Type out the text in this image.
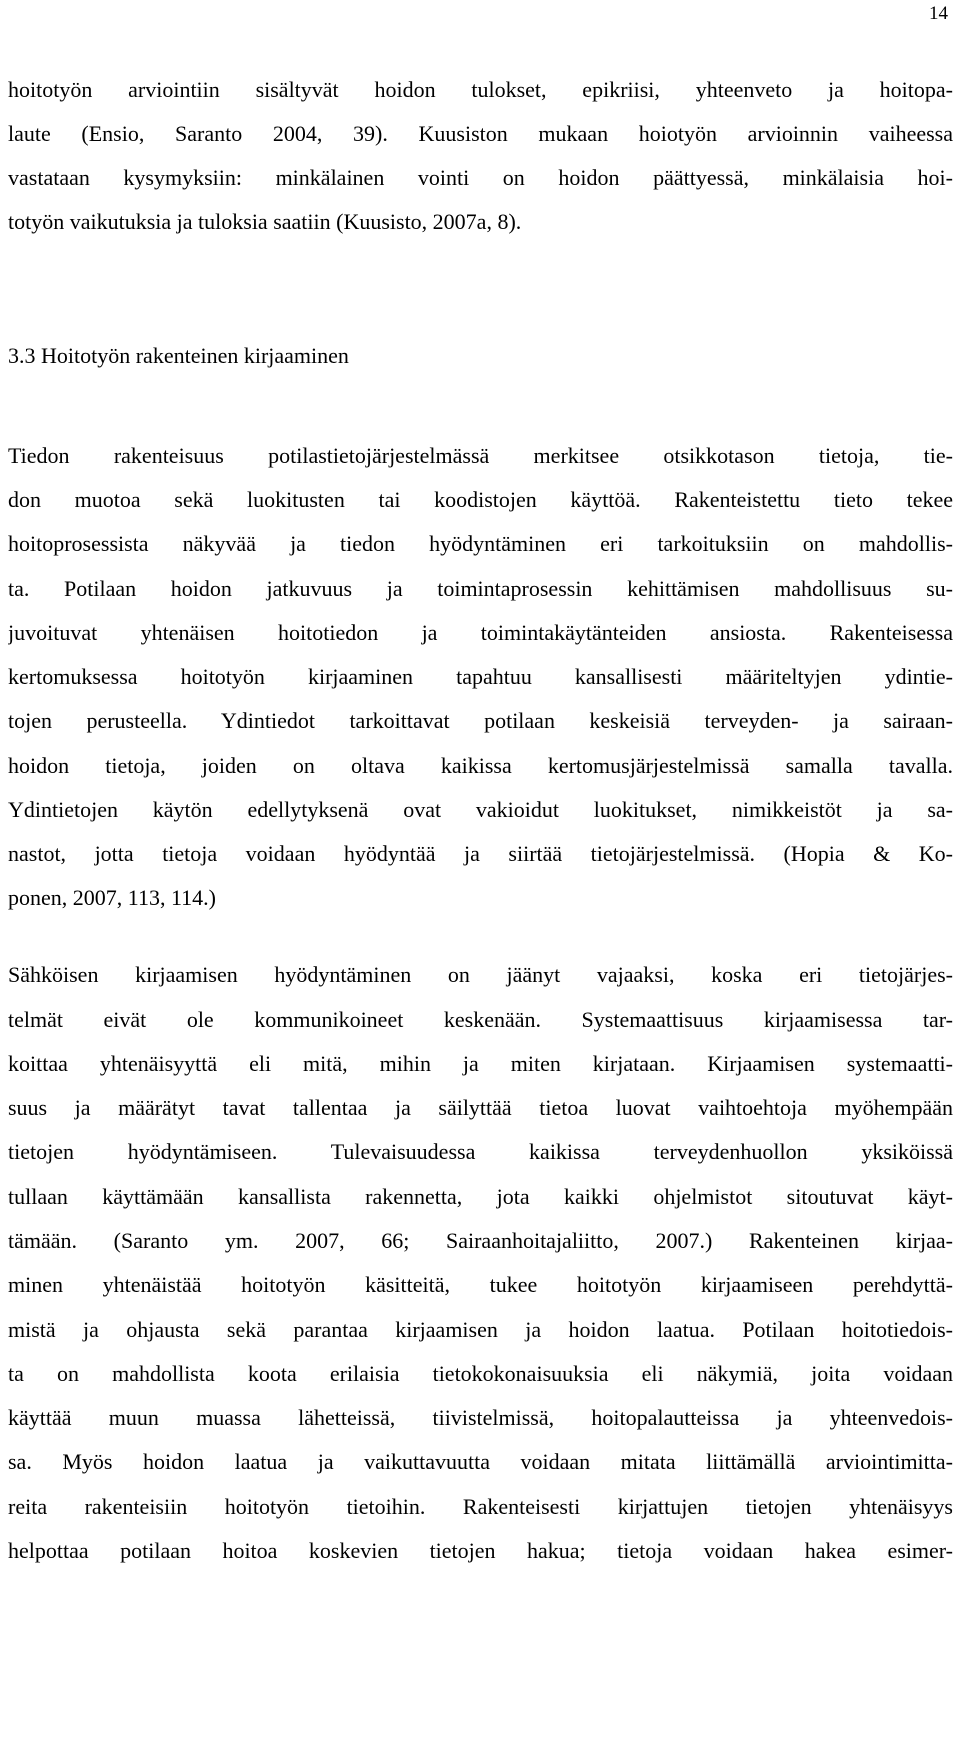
14
hoitotyön arviointiin sisältyvät hoidon tulokset, epikriisi, yhteenveto ja hoitopa-
laute (Ensio, Saranto 2004, 39). Kuusiston mukaan hoiotyön arvioinnin vaiheessa
vastataan kysymyksiin: minkälainen vointi on hoidon päättyessä, minkälaisia hoi-
totyön vaikutuksia ja tuloksia saatiin (Kuusisto, 2007a, 8).
3.3 Hoitotyön rakenteinen kirjaaminen
Tiedon rakenteisuus potilastietojärjestelmässä merkitsee otsikkotason tietoja, tie-
don muotoa sekä luokitusten tai koodistojen käyttöä. Rakenteistettu tieto tekee
hoitoprosessista näkyvää ja tiedon hyödyntäminen eri tarkoituksiin on mahdollis-
ta. Potilaan hoidon jatkuvuus ja toimintaprosessin kehittämisen mahdollisuus su-
juvoituvat yhtenäisen hoitotiedon ja toimintakäytänteiden ansiosta. Rakenteisessa
kertomuksessa hoitotyön kirjaaminen tapahtuu kansallisesti määriteltyjen ydintie-
tojen perusteella. Ydintiedot tarkoittavat potilaan keskeisiä terveyden- ja sairaan-
hoidon tietoja, joiden on oltava kaikissa kertomusjärjestelmissä samalla tavalla.
Ydintietojen käytön edellytyksenä ovat vakioidut luokitukset, nimikkeistöt ja sa-
nastot, jotta tietoja voidaan hyödyntää ja siirtää tietojärjestelmissä. (Hopia & Ko-
ponen, 2007, 113, 114.)
Sähköisen kirjaamisen hyödyntäminen on jäänyt vajaaksi, koska eri tietojärjes-
telmät eivät ole kommunikoineet keskenään. Systemaattisuus kirjaamisessa tar-
koittaa yhtenäisyyttä eli mitä, mihin ja miten kirjataan. Kirjaamisen systemaatti-
suus ja määrätyt tavat tallentaa ja säilyttää tietoa luovat vaihtoehtoja myöhempään
tietojen hyödyntämiseen. Tulevaisuudessa kaikissa terveydenhuollon yksiköissä
tullaan käyttämään kansallista rakennetta, jota kaikki ohjelmistot sitoutuvat käyt-
tämään. (Saranto ym. 2007, 66; Sairaanhoitajaliitto, 2007.) Rakenteinen kirjaa-
minen yhtenäistää hoitotyön käsitteitä, tukee hoitotyön kirjaamiseen perehdyttä-
mistä ja ohjausta sekä parantaa kirjaamisen ja hoidon laatua. Potilaan hoitotiedois-
ta on mahdollista koota erilaisia tietokokonaisuuksia eli näkymiä, joita voidaan
käyttää muun muassa lähetteissä, tiivistelmissä, hoitopalautteissa ja yhteenvedois-
sa. Myös hoidon laatua ja vaikuttavuutta voidaan mitata liittämällä arviointimitta-
reita rakenteisiin hoitotyön tietoihin. Rakenteisesti kirjattujen tietojen yhtenäisyys
helpottaa potilaan hoitoa koskevien tietojen hakua; tietoja voidaan hakea esimer-
